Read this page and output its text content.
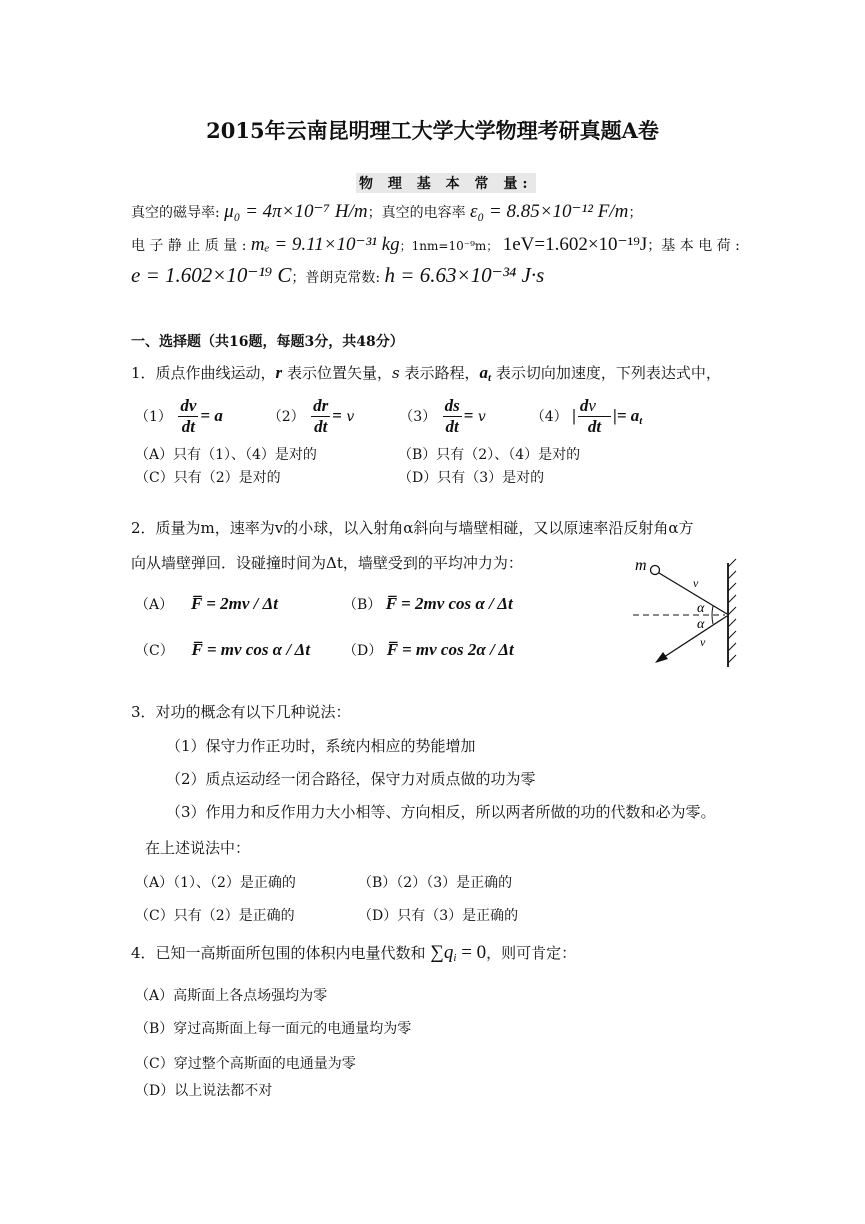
2015年云南昆明理工大学大学物理考研真题A卷
物 理 基 本 常 量:
真空的磁导率: μ₀ = 4π×10⁻⁷ H/m；真空的电容率 ε₀ = 8.85×10⁻¹² F/m；
电 子 静 止 质 量 : mₑ = 9.11×10⁻³¹ kg；1nm=10⁻⁹m； 1eV=1.602×10⁻¹⁹J；基 本 电 荷 :
e = 1.602×10⁻¹⁹ C；普朗克常数: h = 6.63×10⁻³⁴ J·s
一、选择题（共16题，每题3分，共48分）
1．质点作曲线运动，r 表示位置矢量，s 表示路程，$a_t$ 表示切向加速度，下列表达式中，
$(1) \frac{dv}{dt} = a$	$(2) \frac{dr}{dt} = v$	$(3) \frac{ds}{dt} = v$	（4） | $\frac{dv⃗}{dt}$ |= $a_t$
（A）只有（1）、（4）是对的	（B）只有（2）、（4）是对的
（C）只有（2）是对的	（D）只有（3）是对的
2．质量为m，速率为v的小球，以入射角α斜向与墙壁相碰，又以原速率沿反射角α方
向从墙壁弹回．设碰撞时间为Δt，墙壁受到的平均冲力为：
（A） F̅ = 2mv / Δt	（B） F̅ = 2mv cos α / Δt
（C） F̅ = mv cos α / Δt （D） F̅ = mv cos 2α / Δt
m
v
v
α
α
3．对功的概念有以下几种说法：
（1）保守力作正功时，系统内相应的势能增加
（2）质点运动经一闭合路径，保守力对质点做的功为零
（3）作用力和反作用力大小相等、方向相反，所以两者所做的功的代数和必为零。
在上述说法中：
（A）（1）、（2）是正确的	（B）（2）（3）是正确的
（C）只有（2）是正确的	（D）只有（3）是正确的
4．已知一高斯面所包围的体积内电量代数和 $\sum q_i = 0$，则可肯定：
（A）高斯面上各点场强均为零
（B）穿过高斯面上每一面元的电通量均为零
（C）穿过整个高斯面的电通量为零
（D）以上说法都不对
